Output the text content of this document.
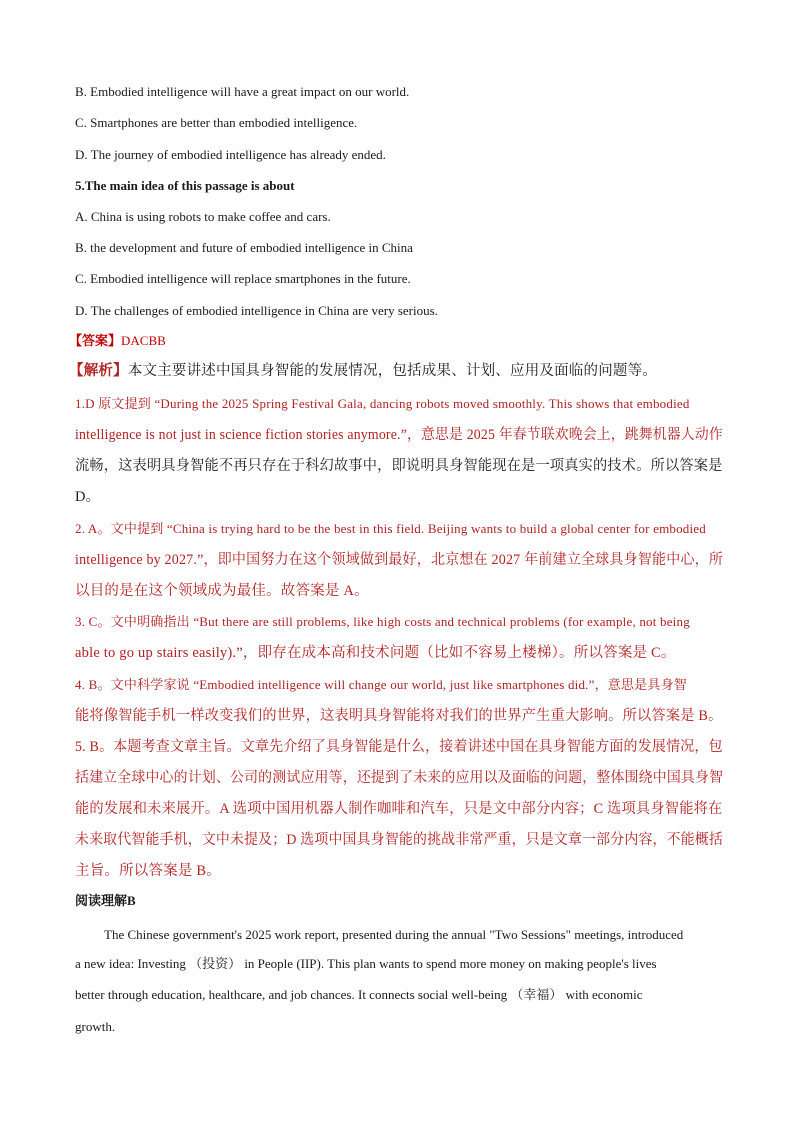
B. Embodied intelligence will have a great impact on our world.
C. Smartphones are better than embodied intelligence.
D. The journey of embodied intelligence has already ended.
5.The main idea of this passage is about
A. China is using robots to make coffee and cars.
B. the development and future of embodied intelligence in China
C. Embodied intelligence will replace smartphones in the future.
D. The challenges of embodied intelligence in China are very serious.
【答案】DACBB
【解析】本文主要讲述中国具身智能的发展情况，包括成果、计划、应用及面临的问题等。
1.D 原文提到 “During the 2025 Spring Festival Gala, dancing robots moved smoothly. This shows that embodied
intelligence is not just in science fiction stories anymore.”，意思是 2025 年春节联欢晚会上，跳舞机器人动作
流畅，这表明具身智能不再只存在于科幻故事中，即说明具身智能现在是一项真实的技术。所以答案是
D。
2. A。文中提到 “China is trying hard to be the best in this field. Beijing wants to build a global center for embodied
intelligence by 2027.”，即中国努力在这个领域做到最好，北京想在 2027 年前建立全球具身智能中心，所
以目的是在这个领域成为最佳。故答案是 A。
3. C。文中明确指出 “But there are still problems, like high costs and technical problems (for example, not being
able to go up stairs easily).”，即存在成本高和技术问题（比如不容易上楼梯）。所以答案是 C。
4. B。文中科学家说 “Embodied intelligence will change our world, just like smartphones did.”，意思是具身智
能将像智能手机一样改变我们的世界，这表明具身智能将对我们的世界产生重大影响。所以答案是 B。
5. B。本题考查文章主旨。文章先介绍了具身智能是什么，接着讲述中国在具身智能方面的发展情况，包
括建立全球中心的计划、公司的测试应用等，还提到了未来的应用以及面临的问题，整体围绕中国具身智
能的发展和未来展开。A 选项中国用机器人制作咖啡和汽车，只是文中部分内容；C 选项具身智能将在
未来取代智能手机，文中未提及；D 选项中国具身智能的挑战非常严重，只是文章一部分内容，不能概括
主旨。所以答案是 B。
阅读理解B
The Chinese government's 2025 work report, presented during the annual "Two Sessions" meetings, introduced
a new idea: Investing （投资） in People (IIP). This plan wants to spend more money on making people's lives
better through education, healthcare, and job chances. It connects social well-being （幸福） with economic
growth.
